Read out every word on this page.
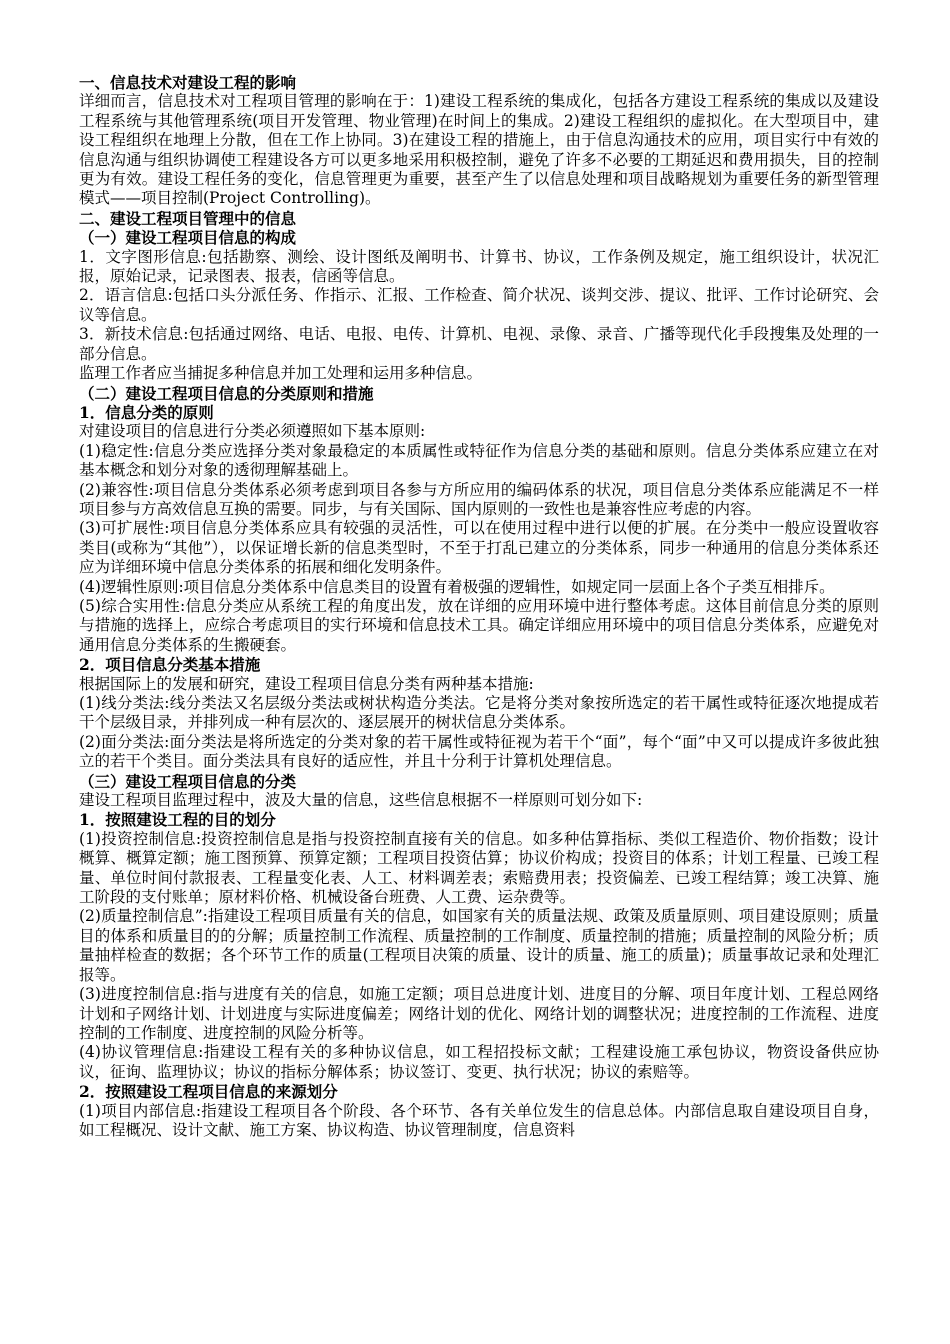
一、信息技术对建设工程的影响

详细而言，信息技术对工程项目管理的影响在于：1)建设工程系统的集成化，包括各方建设工程系统的集成以及建设工程系统与其他管理系统(项目开发管理、物业管理)在时间上的集成。2)建设工程组织的虚拟化。在大型项目中，建设工程组织在地理上分散，但在工作上协同。3)在建设工程的措施上，由于信息沟通技术的应用，项目实行中有效的信息沟通与组织协调使工程建设各方可以更多地采用积极控制，避免了许多不必要的工期延迟和费用损失，目的控制更为有效。建设工程任务的变化，信息管理更为重要，甚至产生了以信息处理和项目战略规划为重要任务的新型管理模式——项目控制(Project Controlling)。

二、建设工程项目管理中的信息

（一）建设工程项目信息的构成

1．文字图形信息:包括勘察、测绘、设计图纸及阐明书、计算书、协议，工作条例及规定，施工组织设计，状况汇报，原始记录，记录图表、报表，信函等信息。

2．语言信息:包括口头分派任务、作指示、汇报、工作检查、简介状况、谈判交涉、提议、批评、工作讨论研究、会议等信息。

3．新技术信息:包括通过网络、电话、电报、电传、计算机、电视、录像、录音、广播等现代化手段搜集及处理的一部分信息。

监理工作者应当捕捉多种信息并加工处理和运用多种信息。

（二）建设工程项目信息的分类原则和措施

1．信息分类的原则

对建设项目的信息进行分类必须遵照如下基本原则:

(1)稳定性:信息分类应选择分类对象最稳定的本质属性或特征作为信息分类的基础和原则。信息分类体系应建立在对基本概念和划分对象的透彻理解基础上。

(2)兼容性:项目信息分类体系必须考虑到项目各参与方所应用的编码体系的状况，项目信息分类体系应能满足不一样项目参与方高效信息互换的需要。同步，与有关国际、国内原则的一致性也是兼容性应考虑的内容。

(3)可扩展性:项目信息分类体系应具有较强的灵活性，可以在使用过程中进行以便的扩展。在分类中一般应设置收容类目(或称为“其他”），以保证增长新的信息类型时，不至于打乱已建立的分类体系，同步一种通用的信息分类体系还应为详细环境中信息分类体系的拓展和细化发明条件。

(4)逻辑性原则:项目信息分类体系中信息类目的设置有着极强的逻辑性，如规定同一层面上各个子类互相排斥。

(5)综合实用性:信息分类应从系统工程的角度出发，放在详细的应用环境中进行整体考虑。这体目前信息分类的原则与措施的选择上，应综合考虑项目的实行环境和信息技术工具。确定详细应用环境中的项目信息分类体系，应避免对通用信息分类体系的生搬硬套。

2．项目信息分类基本措施

根据国际上的发展和研究，建设工程项目信息分类有两种基本措施:

(1)线分类法:线分类法又名层级分类法或树状构造分类法。它是将分类对象按所选定的若干属性或特征逐次地提成若干个层级目录，并排列成一种有层次的、逐层展开的树状信息分类体系。

(2)面分类法:面分类法是将所选定的分类对象的若干属性或特征视为若干个“面”，每个“面”中又可以提成许多彼此独立的若干个类目。面分类法具有良好的适应性，并且十分利于计算机处理信息。

（三）建设工程项目信息的分类

建设工程项目监理过程中，波及大量的信息，这些信息根据不一样原则可划分如下:

1．按照建设工程的目的划分

(1)投资控制信息:投资控制信息是指与投资控制直接有关的信息。如多种估算指标、类似工程造价、物价指数；设计概算、概算定额；施工图预算、预算定额；工程项目投资估算；协议价构成；投资目的体系；计划工程量、已竣工程量、单位时间付款报表、工程量变化表、人工、材料调差表；索赔费用表；投资偏差、已竣工程结算；竣工决算、施工阶段的支付账单；原材料价格、机械设备台班费、人工费、运杂费等。

(2)质量控制信息”:指建设工程项目质量有关的信息，如国家有关的质量法规、政策及质量原则、项目建设原则；质量目的体系和质量目的的分解；质量控制工作流程、质量控制的工作制度、质量控制的措施；质量控制的风险分析；质量抽样检查的数据；各个环节工作的质量(工程项目决策的质量、设计的质量、施工的质量)；质量事故记录和处理汇报等。

(3)进度控制信息:指与进度有关的信息，如施工定额；项目总进度计划、进度目的分解、项目年度计划、工程总网络计划和子网络计划、计划进度与实际进度偏差；网络计划的优化、网络计划的调整状况；进度控制的工作流程、进度控制的工作制度、进度控制的风险分析等。

(4)协议管理信息:指建设工程有关的多种协议信息，如工程招投标文献；工程建设施工承包协议，物资设备供应协议，征询、监理协议；协议的指标分解体系；协议签订、变更、执行状况；协议的索赔等。

2．按照建设工程项目信息的来源划分

(1)项目内部信息:指建设工程项目各个阶段、各个环节、各有关单位发生的信息总体。内部信息取自建设项目自身，如工程概况、设计文献、施工方案、协议构造、协议管理制度，信息资料
